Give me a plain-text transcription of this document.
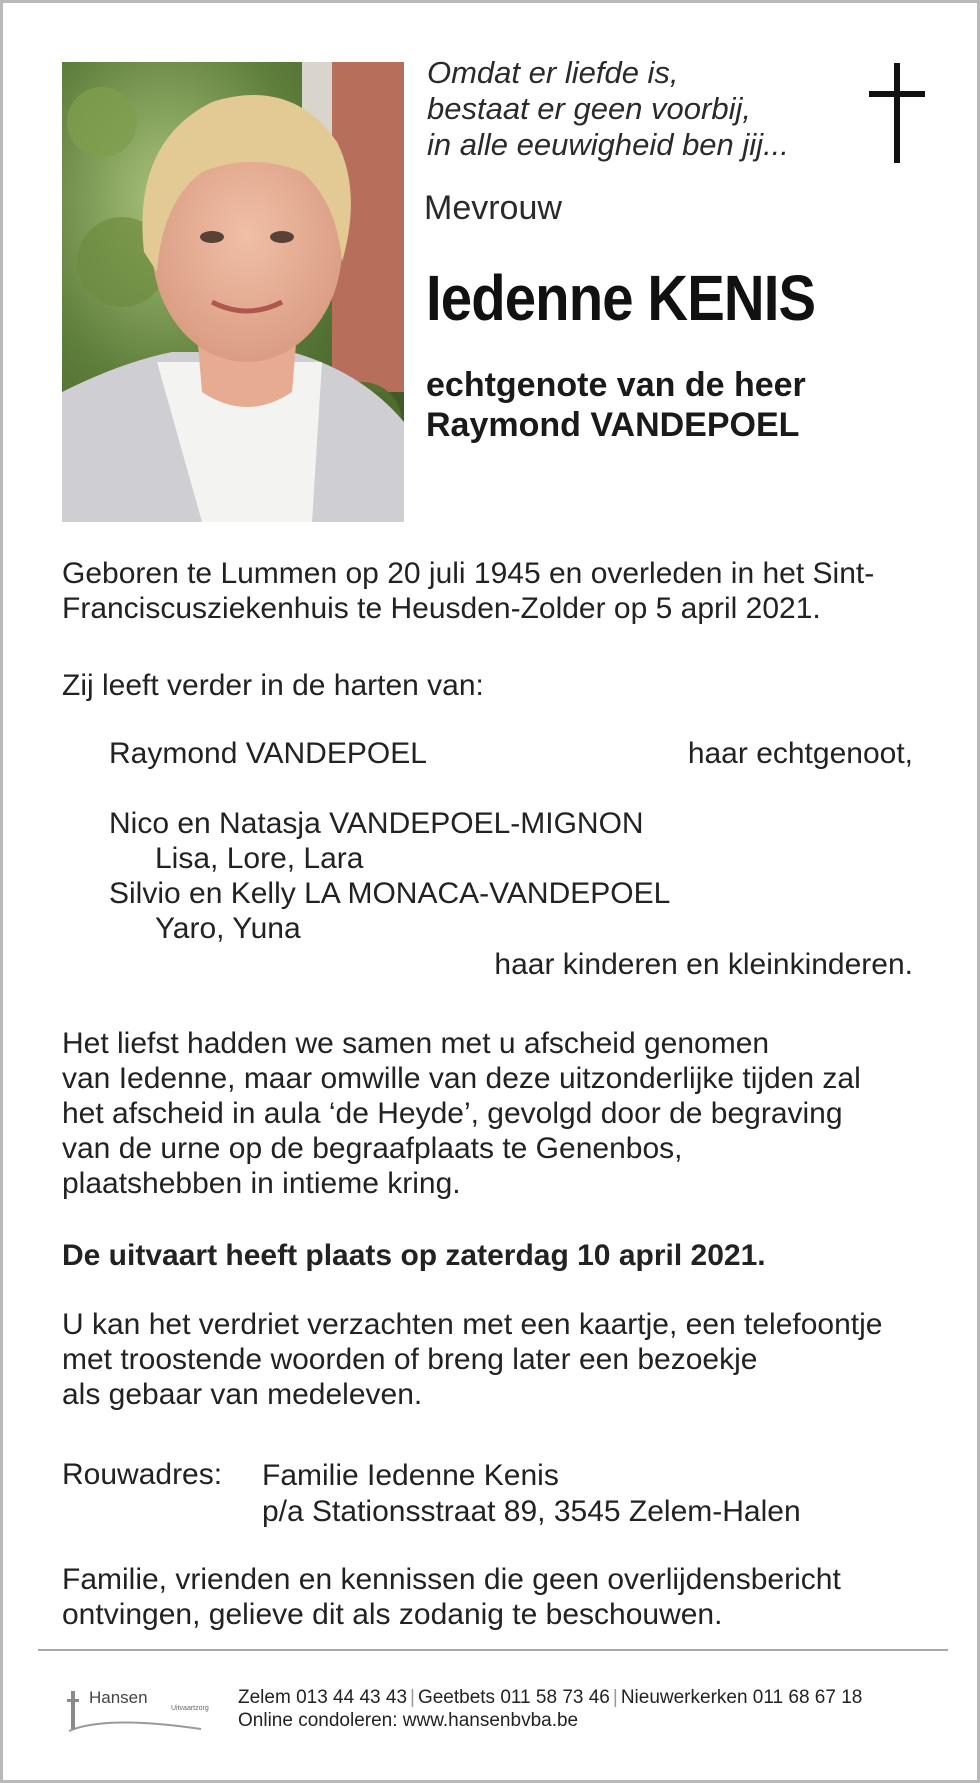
Omdat er liefde is,
bestaat er geen voorbij,
in alle eeuwigheid ben jij...
Mevrouw
Iedenne KENIS
echtgenote van de heer
Raymond VANDEPOEL
Geboren te Lummen op 20 juli 1945 en overleden in het Sint-
Franciscusziekenhuis te Heusden-Zolder op 5 april 2021.
Zij leeft verder in de harten van:
Raymond VANDEPOEL	haar echtgenoot,
Nico en Natasja VANDEPOEL-MIGNON
Lisa, Lore, Lara
Silvio en Kelly LA MONACA-VANDEPOEL
Yaro, Yuna
haar kinderen en kleinkinderen.
Het liefst hadden we samen met u afscheid genomen
van Iedenne, maar omwille van deze uitzonderlijke tijden zal
het afscheid in aula ‘de Heyde’, gevolgd door de begraving
van de urne op de begraafplaats te Genenbos,
plaatshebben in intieme kring.
De uitvaart heeft plaats op zaterdag 10 april 2021.
U kan het verdriet verzachten met een kaartje, een telefoontje
met troostende woorden of breng later een bezoekje
als gebaar van medeleven.
Rouwadres: Familie Iedenne Kenis
p/a Stationsstraat 89, 3545 Zelem-Halen
Familie, vrienden en kennissen die geen overlijdensbericht
ontvingen, gelieve dit als zodanig te beschouwen.
Hansen
Uitvaartzorg
Zelem 013 44 43 43 | Geetbets 011 58 73 46 | Nieuwerkerken 011 68 67 18
Online condoleren: www.hansenbvba.be
